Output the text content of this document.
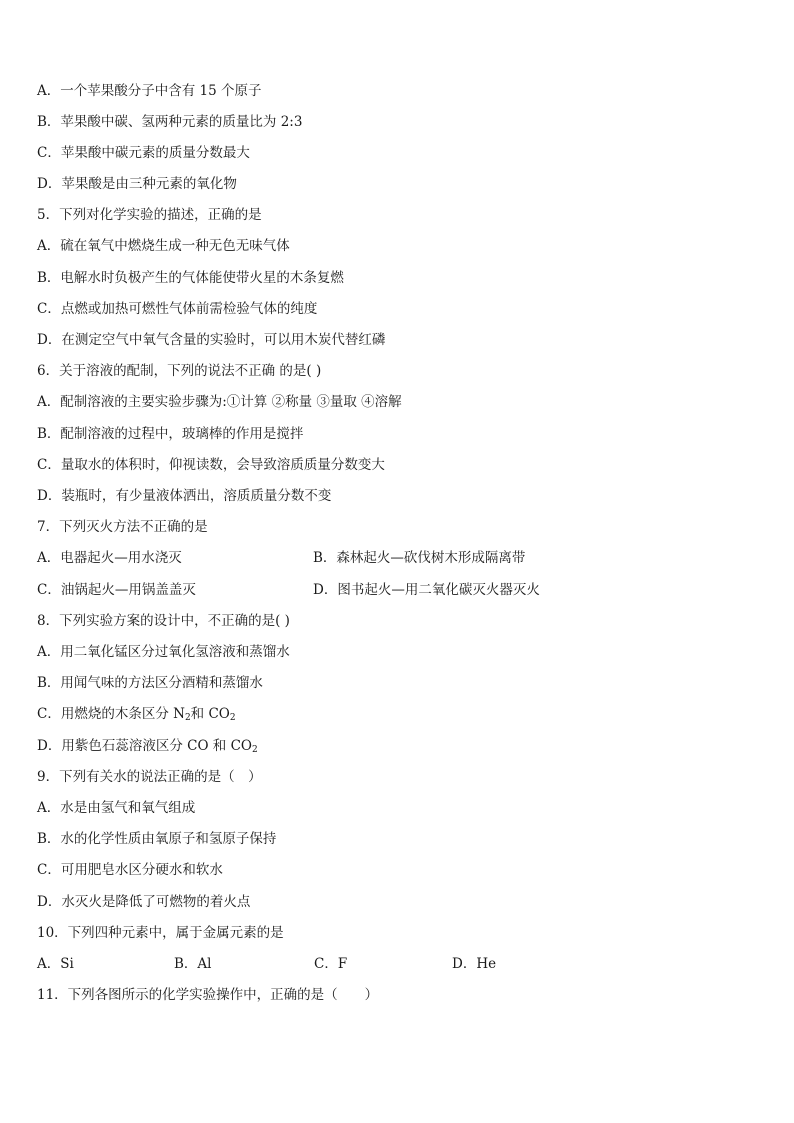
A．一个苹果酸分子中含有 15 个原子
B．苹果酸中碳、氢两种元素的质量比为 2:3
C．苹果酸中碳元素的质量分数最大
D．苹果酸是由三种元素的氧化物
5．下列对化学实验的描述，正确的是
A．硫在氧气中燃烧生成一种无色无味气体
B．电解水时负极产生的气体能使带火星的木条复燃
C．点燃或加热可燃性气体前需检验气体的纯度
D．在测定空气中氧气含量的实验时，可以用木炭代替红磷
6．关于溶液的配制，下列的说法不正确 的是( )
A．配制溶液的主要实验步骤为:①计算 ②称量 ③量取 ④溶解
B．配制溶液的过程中，玻璃棒的作用是搅拌
C．量取水的体积时，仰视读数，会导致溶质质量分数变大
D．装瓶时，有少量液体洒出，溶质质量分数不变
7．下列灭火方法不正确的是
A．电器起火—用水浇灭	B．森林起火—砍伐树木形成隔离带
C．油锅起火—用锅盖盖灭	D．图书起火—用二氧化碳灭火器灭火
8．下列实验方案的设计中，不正确的是( )
A．用二氧化锰区分过氧化氢溶液和蒸馏水
B．用闻气味的方法区分酒精和蒸馏水
C．用燃烧的木条区分 $N_2$和 $CO_2$
D．用紫色石蕊溶液区分 CO 和 $CO_2$
9．下列有关水的说法正确的是（　）
A．水是由氢气和氧气组成
B．水的化学性质由氧原子和氢原子保持
C．可用肥皂水区分硬水和软水
D．水灭火是降低了可燃物的着火点
10．下列四种元素中，属于金属元素的是
A．Si	B．Al	C．F	D．He
11．下列各图所示的化学实验操作中，正确的是（　　）
